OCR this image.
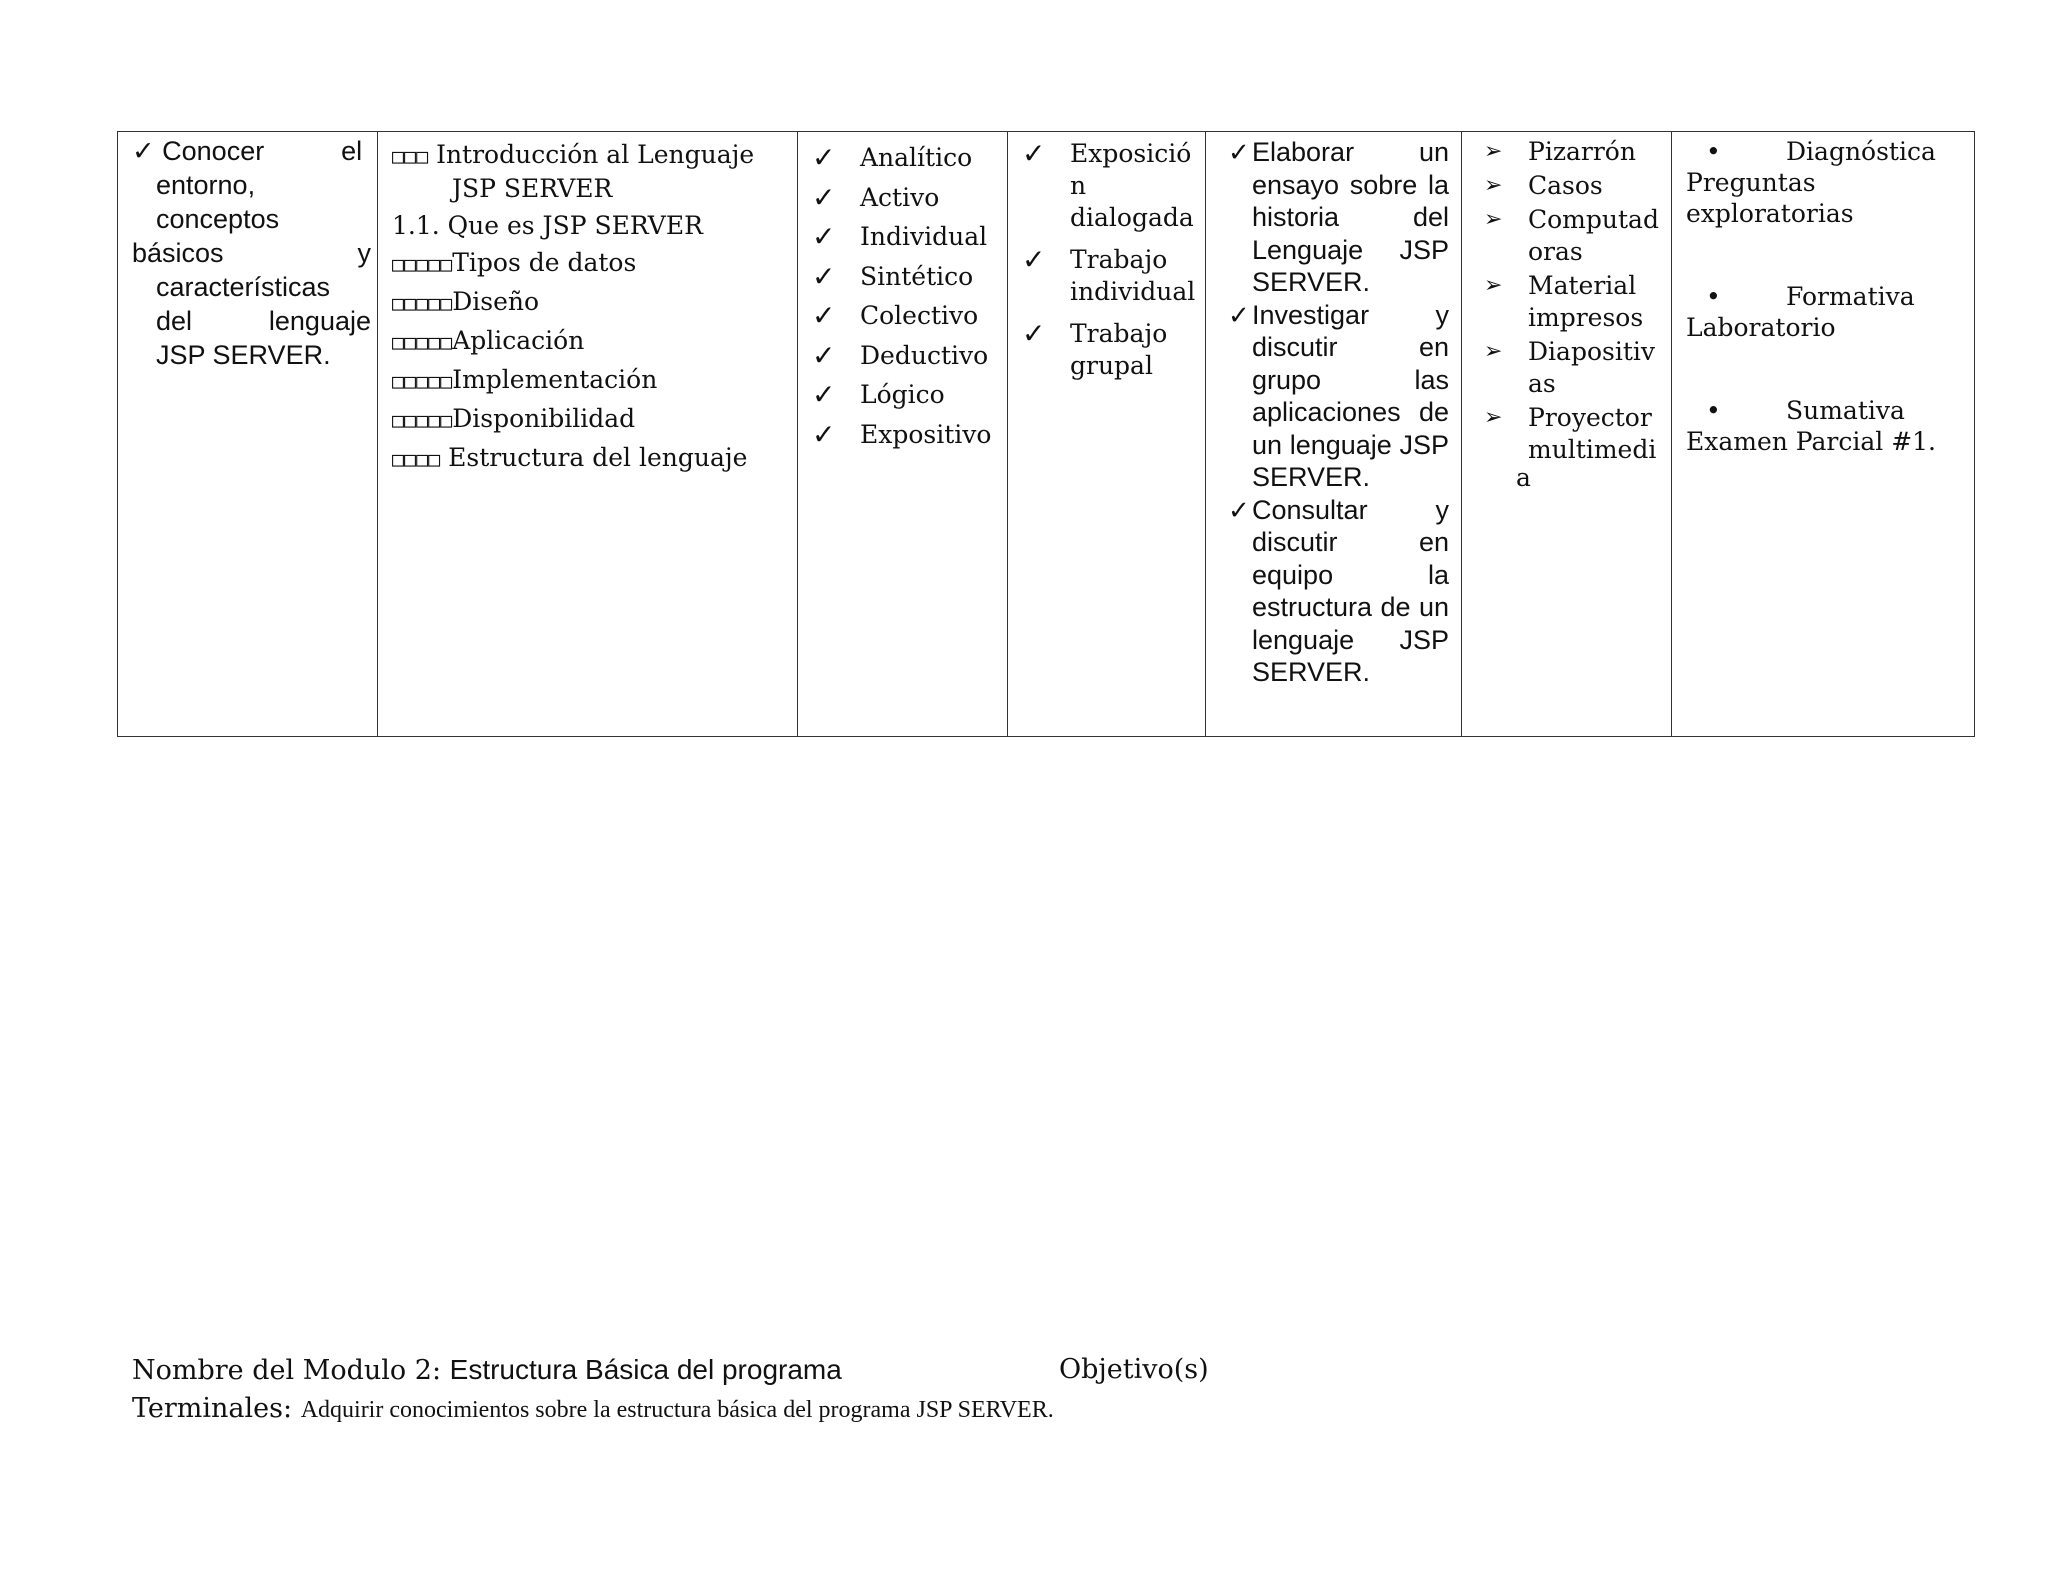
✓ Conocer	el
entorno,
conceptos
básicos	y
características
del	lenguaje
JSP SERVER.

□□□ Introducción al Lenguaje
JSP SERVER
1.1. Que es JSP SERVER
□□□□□Tipos de datos
□□□□□Diseño
□□□□□Aplicación
□□□□□Implementación
□□□□□Disponibilidad
□□□□ Estructura del lenguaje

✓ Analítico
✓ Activo
✓ Individual
✓ Sintético
✓ Colectivo
✓ Deductivo
✓ Lógico
✓ Expositivo

✓ Exposició
n
dialogada
✓ Trabajo
individual
✓ Trabajo
grupal

✓ Elaborar un ensayo sobre la historia del Lenguaje JSP SERVER.
✓ Investigar y discutir en grupo las aplicaciones de un lenguaje JSP SERVER.
✓ Consultar y discutir en equipo la estructura de un lenguaje JSP SERVER.

➢ Pizarrón
➢ Casos
➢ Computad
oras
➢ Material
impresos
➢ Diapositiv
as
➢ Proyector
multimedi
a

•	Diagnóstica
Preguntas
exploratorias
•	Formativa
Laboratorio
•	Sumativa
Examen Parcial #1.
Nombre del Modulo 2: Estructura Básica del programa	Objetivo(s)
Terminales: Adquirir conocimientos sobre la estructura básica del programa JSP SERVER.
